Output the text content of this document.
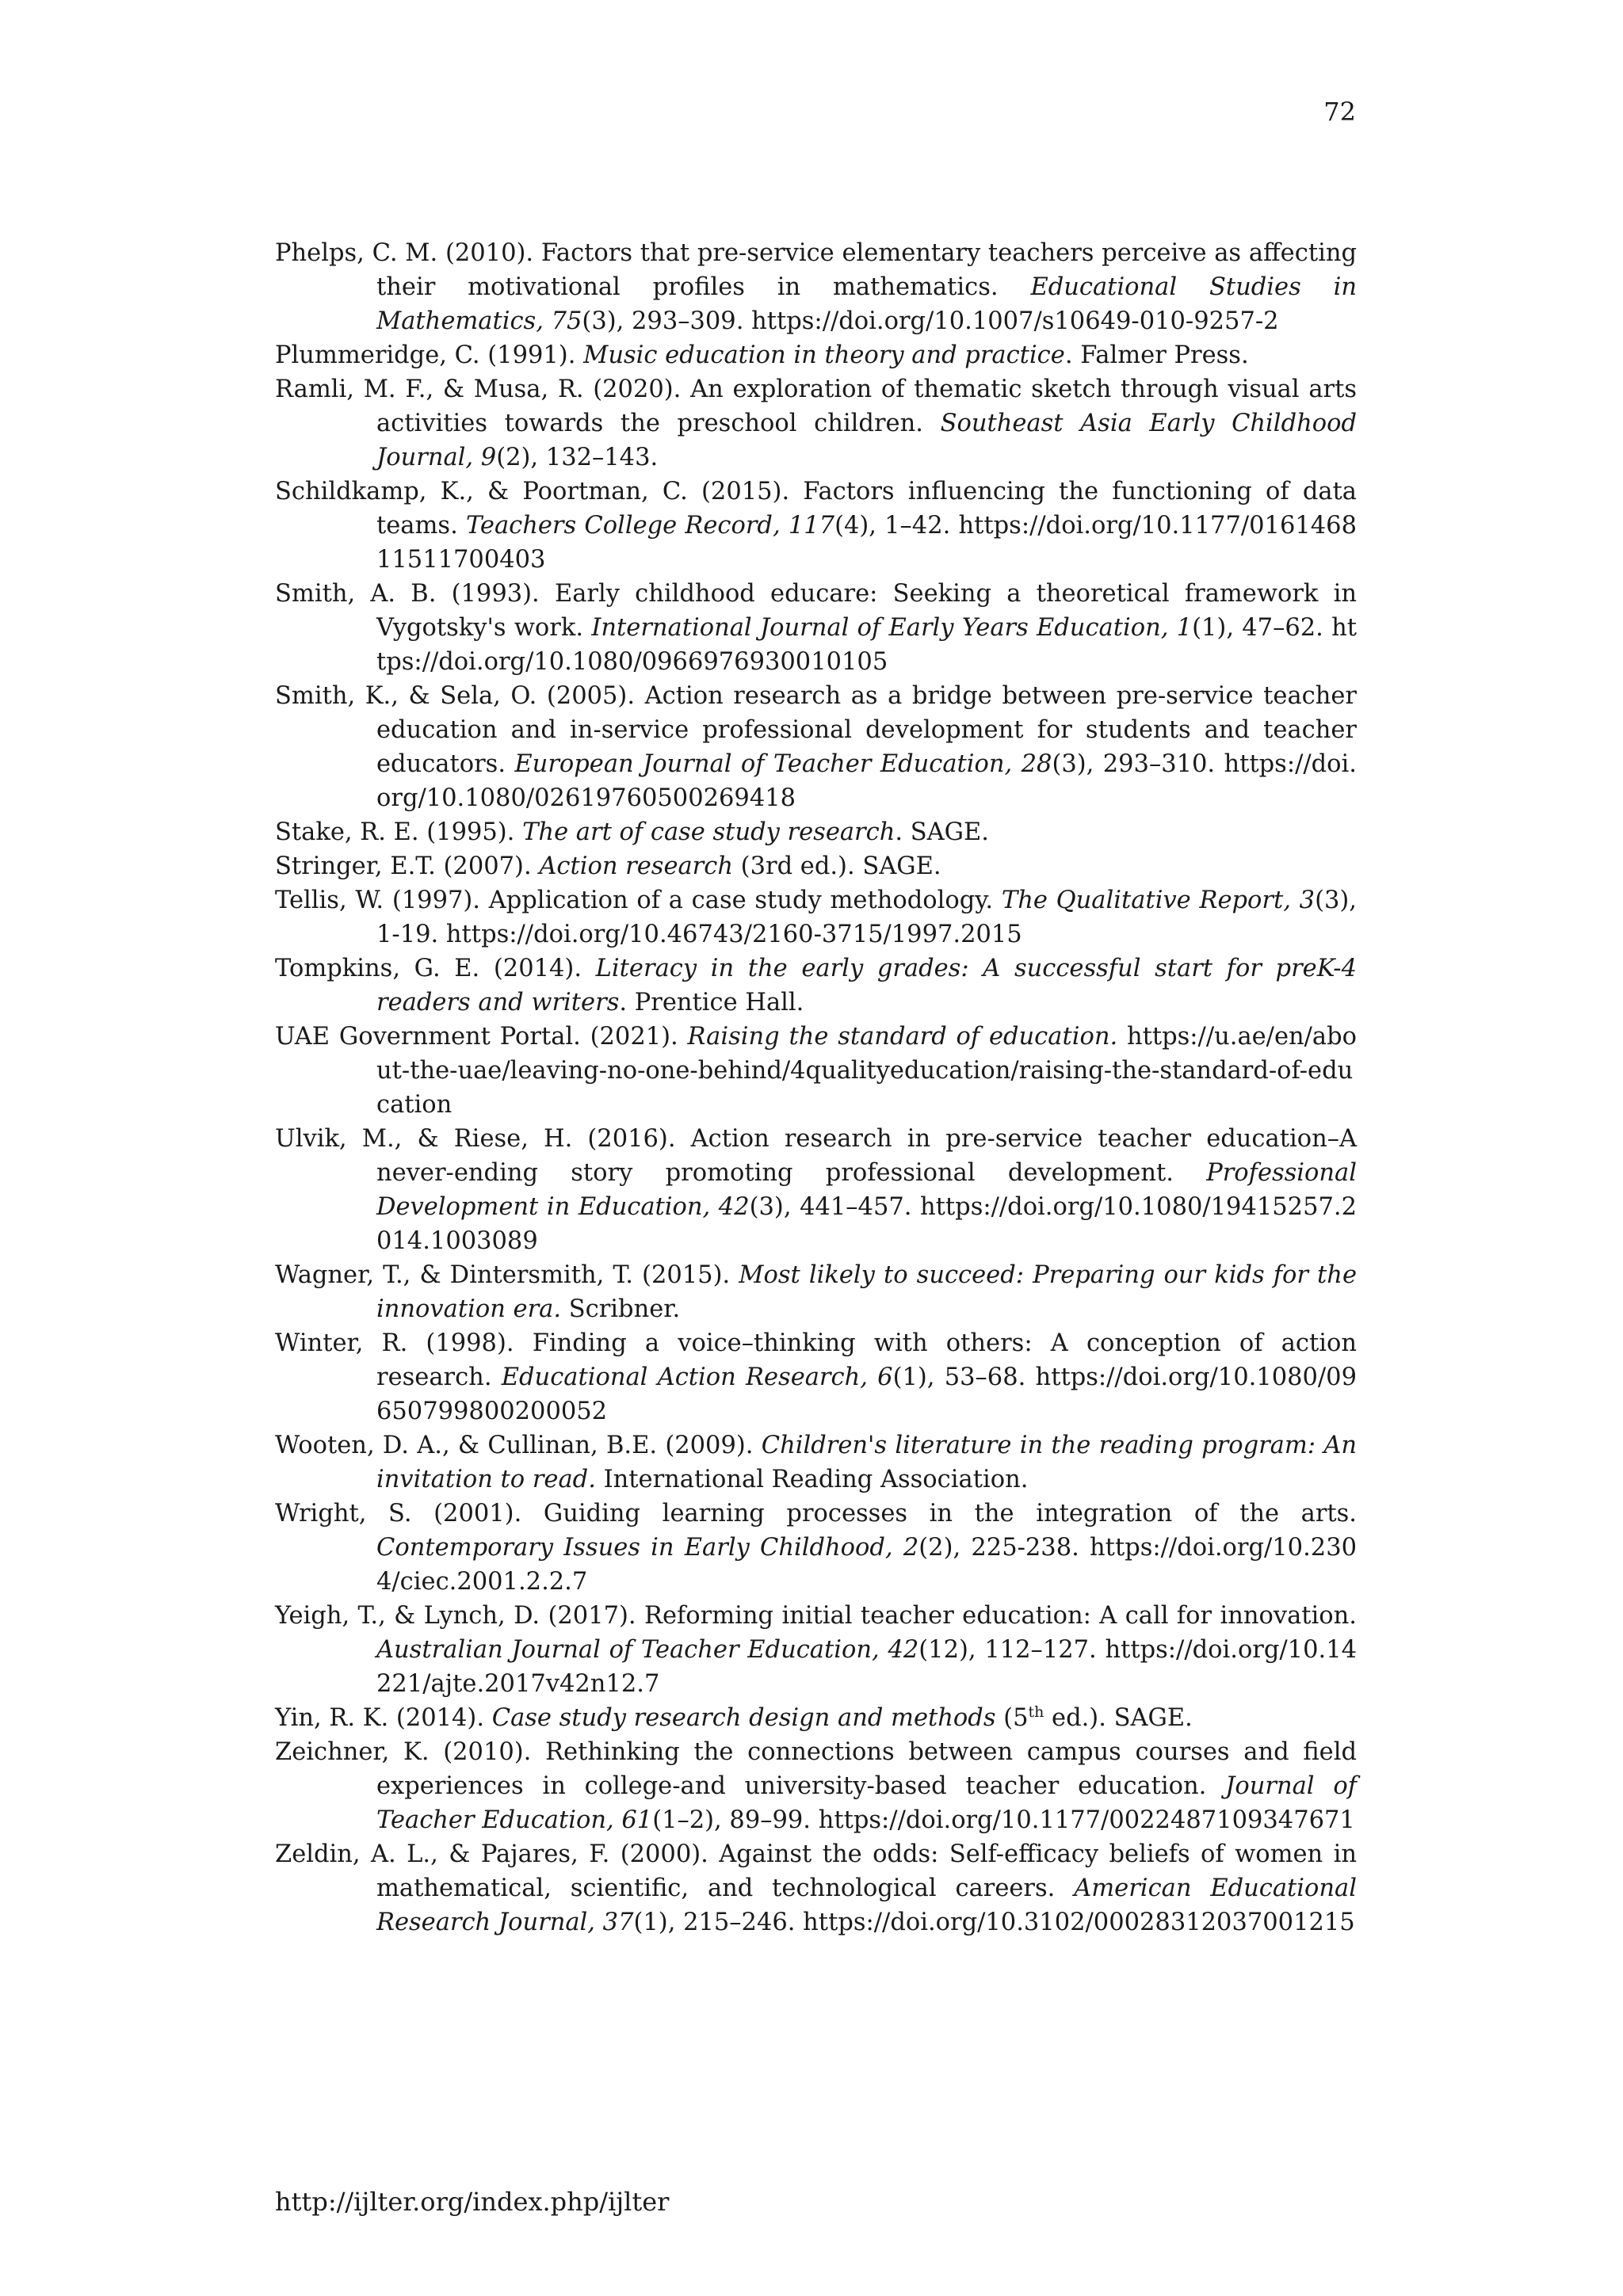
72

Phelps, C. M. (2010). Factors that pre-service elementary teachers perceive as affecting their motivational profiles in mathematics. Educational Studies in Mathematics, 75(3), 293–309. https://doi.org/10.1007/s10649-010-9257-2

Plummeridge, C. (1991). Music education in theory and practice. Falmer Press.

Ramli, M. F., & Musa, R. (2020). An exploration of thematic sketch through visual arts activities towards the preschool children. Southeast Asia Early Childhood Journal, 9(2), 132–143.

Schildkamp, K., & Poortman, C. (2015). Factors influencing the functioning of data teams. Teachers College Record, 117(4), 1–42. https://doi.org/10.1177/016146811511700403

Smith, A. B. (1993). Early childhood educare: Seeking a theoretical framework in Vygotsky's work. International Journal of Early Years Education, 1(1), 47–62. https://doi.org/10.1080/0966976930010105

Smith, K., & Sela, O. (2005). Action research as a bridge between pre-service teacher education and in-service professional development for students and teacher educators. European Journal of Teacher Education, 28(3), 293–310. https://doi.org/10.1080/02619760500269418

Stake, R. E. (1995). The art of case study research. SAGE.

Stringer, E.T. (2007). Action research (3rd ed.). SAGE.

Tellis, W. (1997). Application of a case study methodology. The Qualitative Report, 3(3), 1-19. https://doi.org/10.46743/2160-3715/1997.2015

Tompkins, G. E. (2014). Literacy in the early grades: A successful start for preK-4 readers and writers. Prentice Hall.

UAE Government Portal. (2021). Raising the standard of education. https://u.ae/en/about-the-uae/leaving-no-one-behind/4qualityeducation/raising-the-standard-of-education

Ulvik, M., & Riese, H. (2016). Action research in pre-service teacher education–A never-ending story promoting professional development. Professional Development in Education, 42(3), 441–457. https://doi.org/10.1080/19415257.2014.1003089

Wagner, T., & Dintersmith, T. (2015). Most likely to succeed: Preparing our kids for the innovation era. Scribner.

Winter, R. (1998). Finding a voice–thinking with others: A conception of action research. Educational Action Research, 6(1), 53–68. https://doi.org/10.1080/09650799800200052

Wooten, D. A., & Cullinan, B.E. (2009). Children's literature in the reading program: An invitation to read. International Reading Association.

Wright, S. (2001). Guiding learning processes in the integration of the arts. Contemporary Issues in Early Childhood, 2(2), 225-238. https://doi.org/10.2304/ciec.2001.2.2.7

Yeigh, T., & Lynch, D. (2017). Reforming initial teacher education: A call for innovation. Australian Journal of Teacher Education, 42(12), 112–127. https://doi.org/10.14221/ajte.2017v42n12.7

Yin, R. K. (2014). Case study research design and methods (5th ed.). SAGE.

Zeichner, K. (2010). Rethinking the connections between campus courses and field experiences in college-and university-based teacher education. Journal of Teacher Education, 61(1–2), 89–99. https://doi.org/10.1177/0022487109347671

Zeldin, A. L., & Pajares, F. (2000). Against the odds: Self-efficacy beliefs of women in mathematical, scientific, and technological careers. American Educational Research Journal, 37(1), 215–246. https://doi.org/10.3102/00028312037001215

http://ijlter.org/index.php/ijlter
